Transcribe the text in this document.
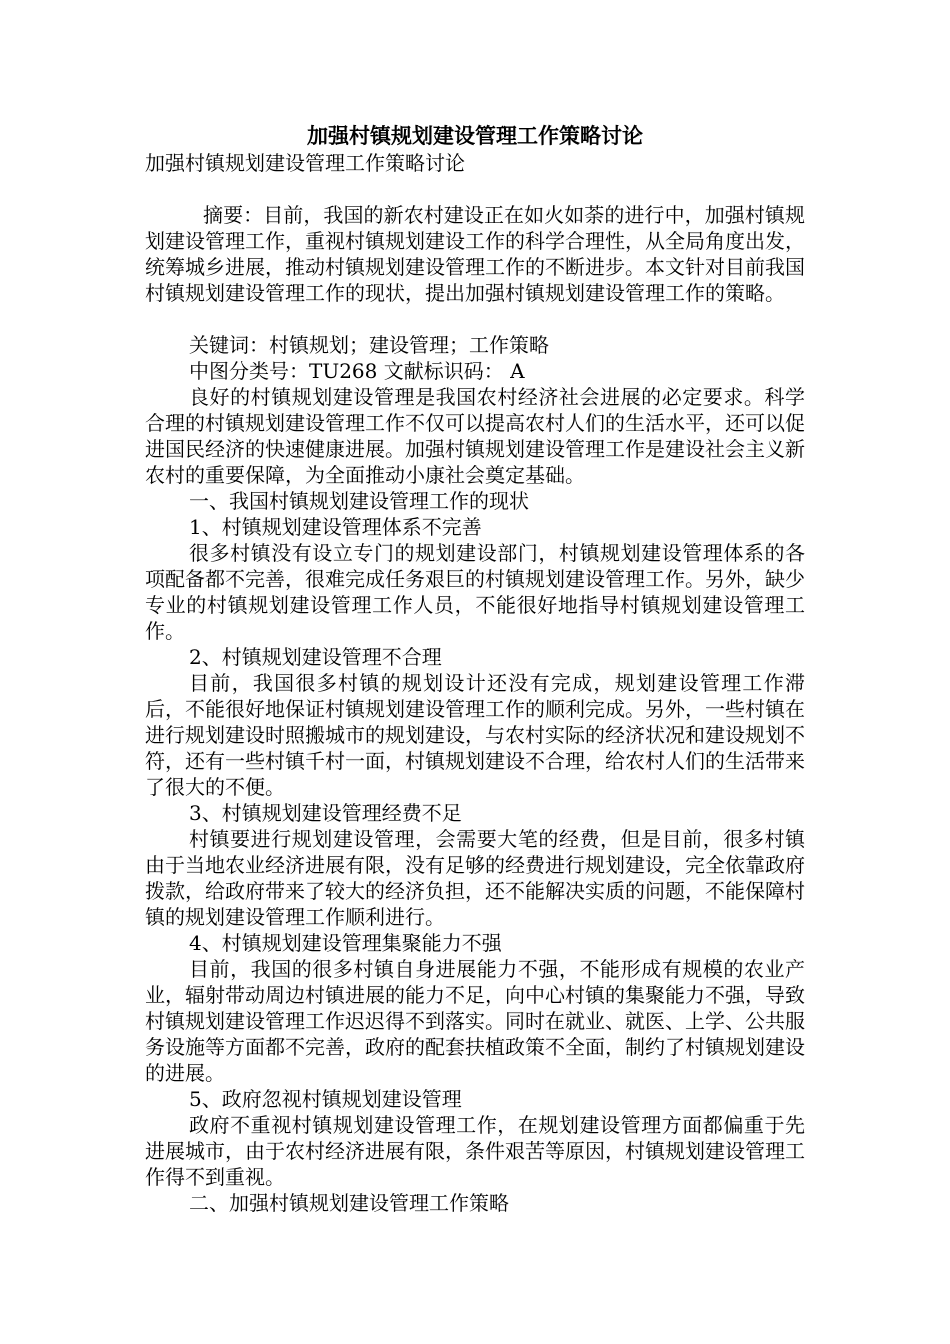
加强村镇规划建设管理工作策略讨论

加强村镇规划建设管理工作策略讨论

摘要：目前，我国的新农村建设正在如火如荼的进行中，加强村镇规划建设管理工作，重视村镇规划建设工作的科学合理性，从全局角度出发，统筹城乡进展，推动村镇规划建设管理工作的不断进步。本文针对目前我国村镇规划建设管理工作的现状，提出加强村镇规划建设管理工作的策略。

关键词：村镇规划；建设管理；工作策略

中图分类号：TU268 文献标识码： A

良好的村镇规划建设管理是我国农村经济社会进展的必定要求。科学合理的村镇规划建设管理工作不仅可以提高农村人们的生活水平，还可以促进国民经济的快速健康进展。加强村镇规划建设管理工作是建设社会主义新农村的重要保障，为全面推动小康社会奠定基础。

一、我国村镇规划建设管理工作的现状

1、村镇规划建设管理体系不完善

很多村镇没有设立专门的规划建设部门，村镇规划建设管理体系的各项配备都不完善，很难完成任务艰巨的村镇规划建设管理工作。另外，缺少专业的村镇规划建设管理工作人员，不能很好地指导村镇规划建设管理工作。

2、村镇规划建设管理不合理

目前，我国很多村镇的规划设计还没有完成，规划建设管理工作滞后，不能很好地保证村镇规划建设管理工作的顺利完成。另外，一些村镇在进行规划建设时照搬城市的规划建设，与农村实际的经济状况和建设规划不符，还有一些村镇千村一面，村镇规划建设不合理，给农村人们的生活带来了很大的不便。

3、村镇规划建设管理经费不足

村镇要进行规划建设管理，会需要大笔的经费，但是目前，很多村镇由于当地农业经济进展有限，没有足够的经费进行规划建设，完全依靠政府拨款，给政府带来了较大的经济负担，还不能解决实质的问题，不能保障村镇的规划建设管理工作顺利进行。

4、村镇规划建设管理集聚能力不强

目前，我国的很多村镇自身进展能力不强，不能形成有规模的农业产业，辐射带动周边村镇进展的能力不足，向中心村镇的集聚能力不强，导致村镇规划建设管理工作迟迟得不到落实。同时在就业、就医、上学、公共服务设施等方面都不完善，政府的配套扶植政策不全面，制约了村镇规划建设的进展。

5、政府忽视村镇规划建设管理

政府不重视村镇规划建设管理工作，在规划建设管理方面都偏重于先进展城市，由于农村经济进展有限，条件艰苦等原因，村镇规划建设管理工作得不到重视。

二、加强村镇规划建设管理工作策略
